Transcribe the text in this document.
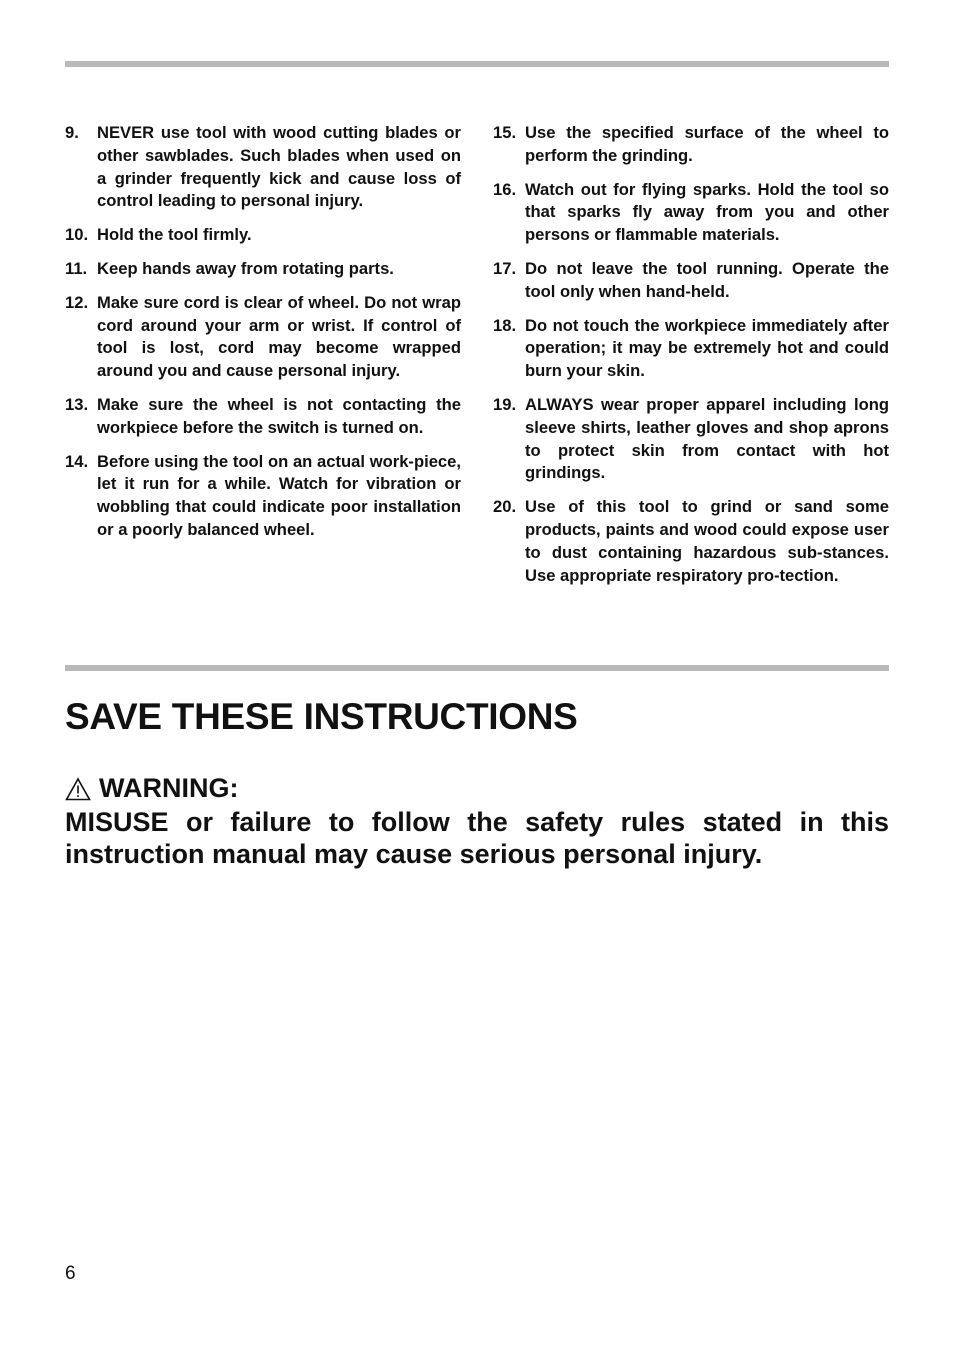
9.	NEVER use tool with wood cutting blades or other sawblades. Such blades when used on a grinder frequently kick and cause loss of control leading to personal injury.
10. Hold the tool firmly.
11. Keep hands away from rotating parts.
12. Make sure cord is clear of wheel. Do not wrap cord around your arm or wrist. If control of tool is lost, cord may become wrapped around you and cause personal injury.
13. Make sure the wheel is not contacting the workpiece before the switch is turned on.
14. Before using the tool on an actual work-piece, let it run for a while. Watch for vibration or wobbling that could indicate poor installation or a poorly balanced wheel.
15. Use the specified surface of the wheel to perform the grinding.
16. Watch out for flying sparks. Hold the tool so that sparks fly away from you and other persons or flammable materials.
17. Do not leave the tool running. Operate the tool only when hand-held.
18. Do not touch the workpiece immediately after operation; it may be extremely hot and could burn your skin.
19. ALWAYS wear proper apparel including long sleeve shirts, leather gloves and shop aprons to protect skin from contact with hot grindings.
20. Use of this tool to grind or sand some products, paints and wood could expose user to dust containing hazardous sub-stances. Use appropriate respiratory pro-tection.
SAVE THESE INSTRUCTIONS
WARNING:
MISUSE or failure to follow the safety rules stated in this instruction manual may cause serious personal injury.
6
